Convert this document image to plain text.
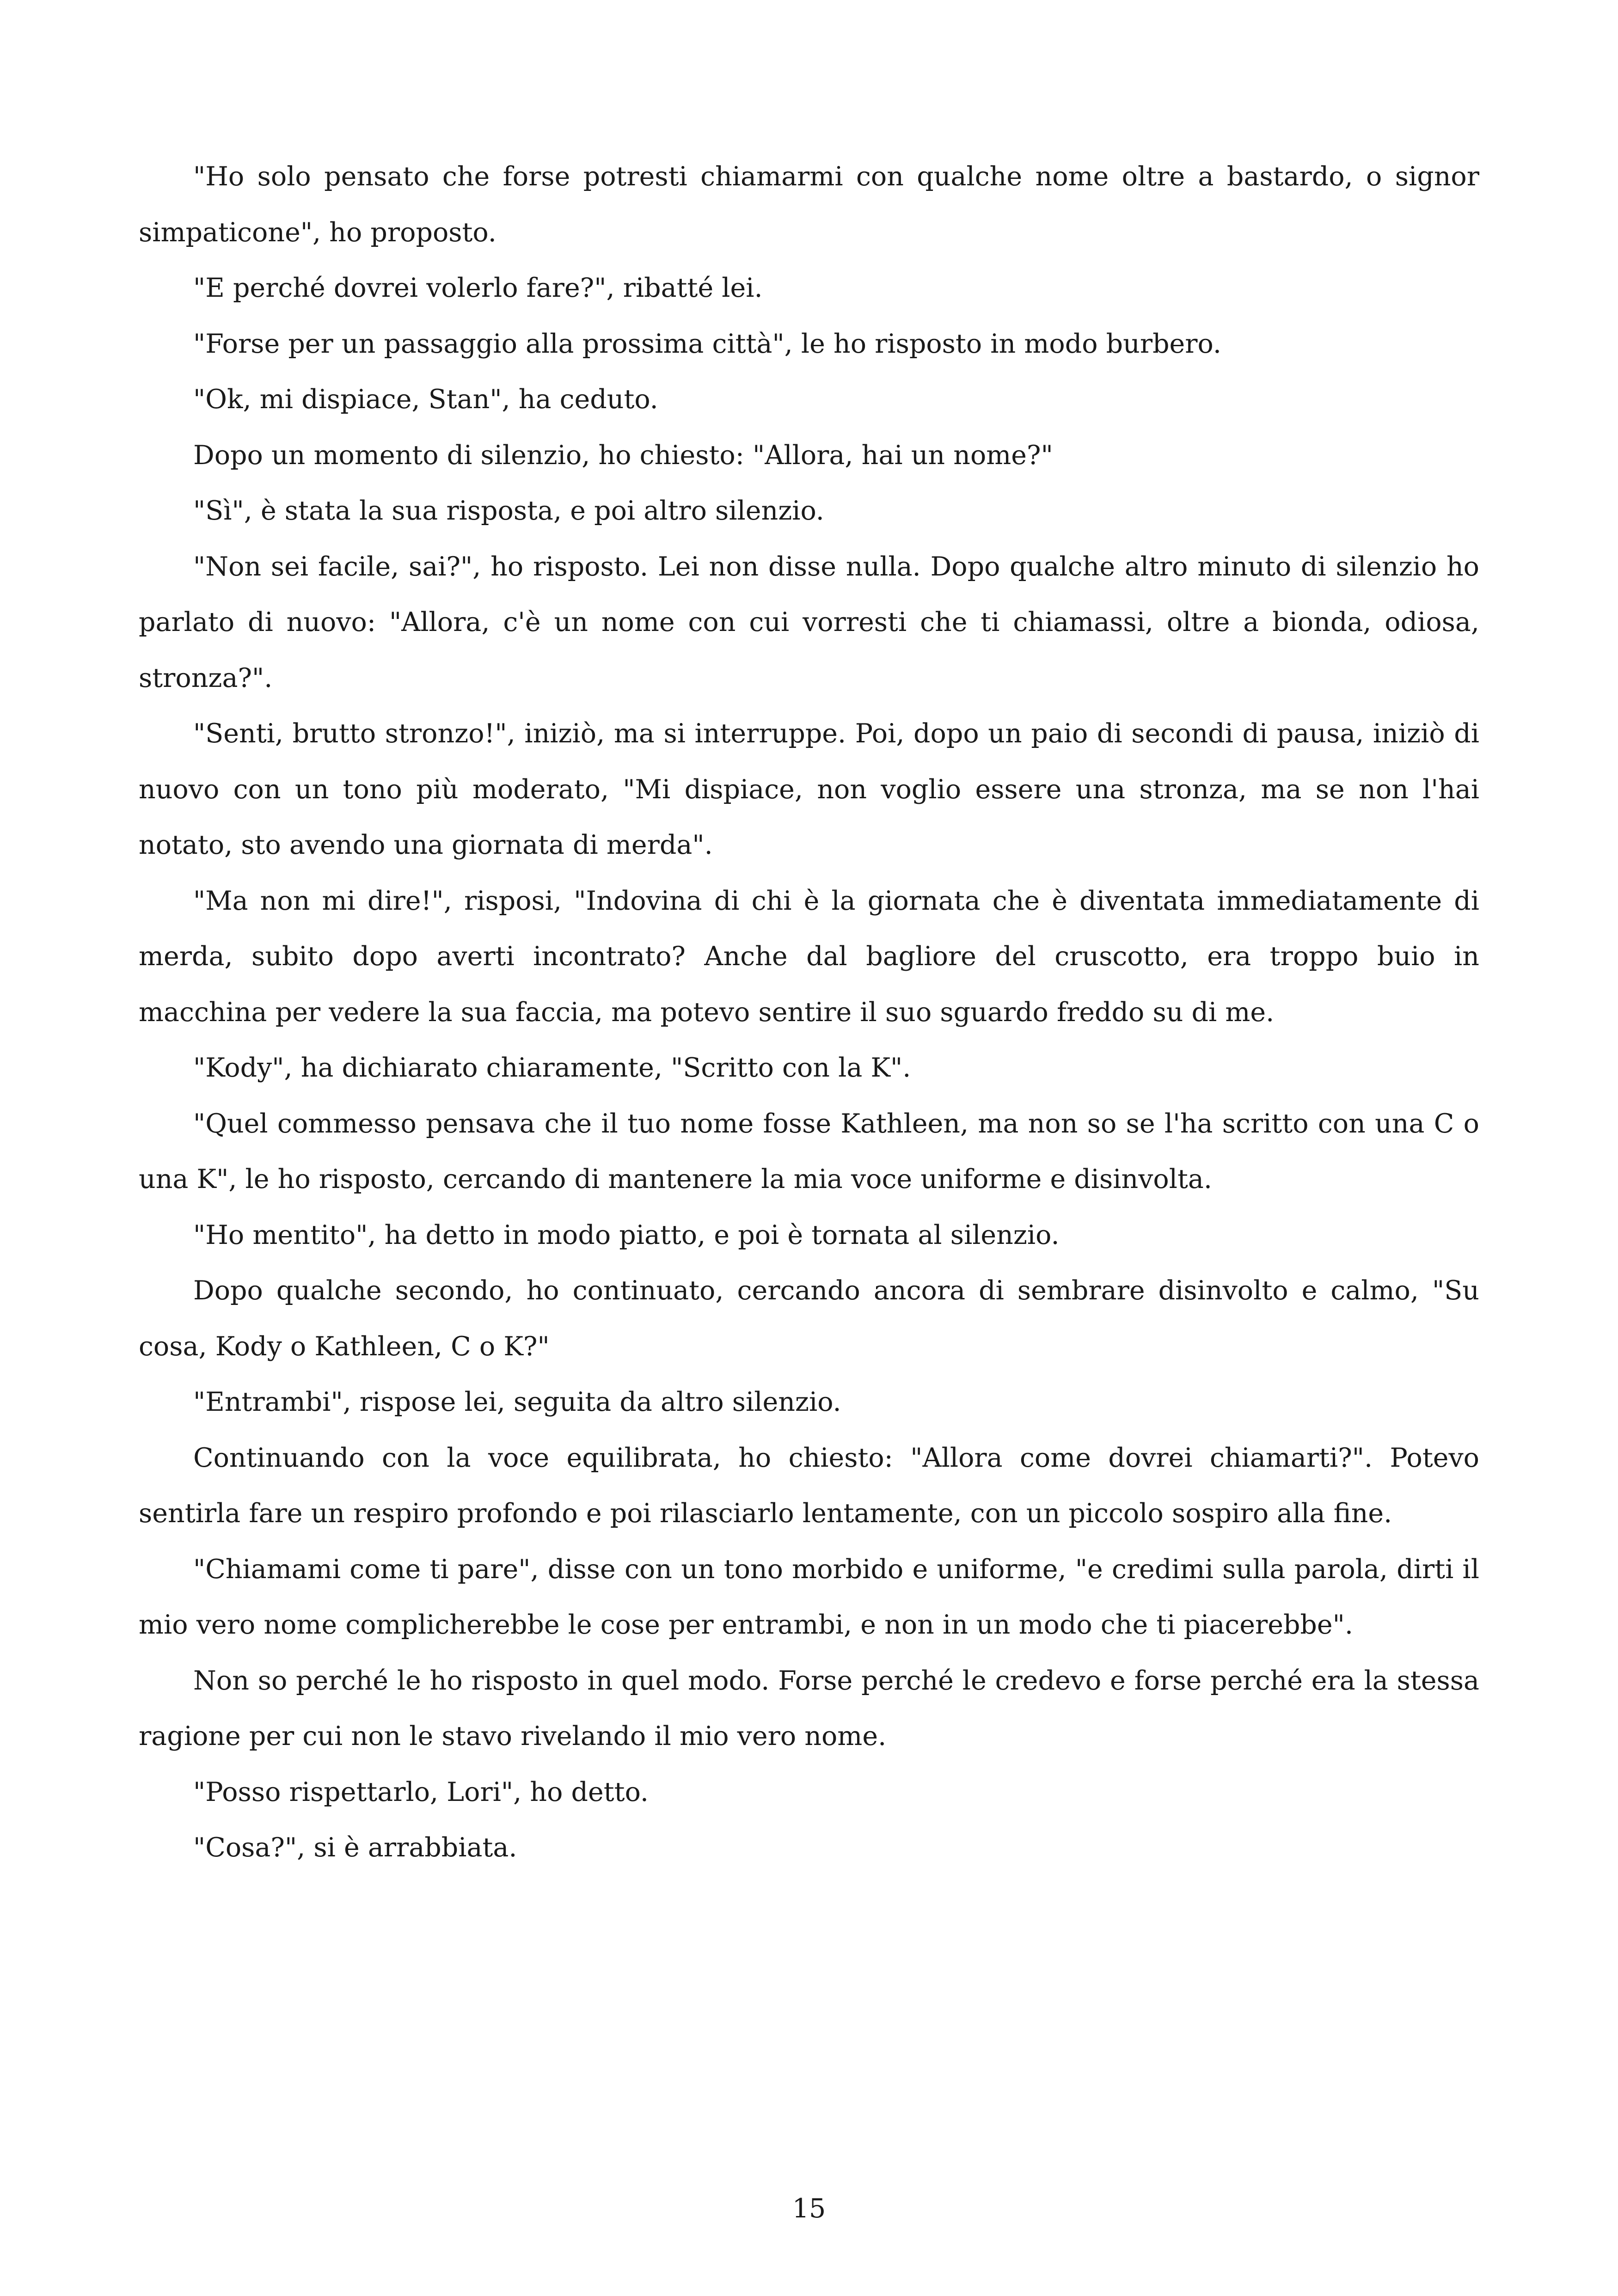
"Ho solo pensato che forse potresti chiamarmi con qualche nome oltre a bastardo, o signor simpaticone", ho proposto.

"E perché dovrei volerlo fare?", ribatté lei.

"Forse per un passaggio alla prossima città", le ho risposto in modo burbero.

"Ok, mi dispiace, Stan", ha ceduto.

Dopo un momento di silenzio, ho chiesto: "Allora, hai un nome?"

"Sì", è stata la sua risposta, e poi altro silenzio.

"Non sei facile, sai?", ho risposto. Lei non disse nulla. Dopo qualche altro minuto di silenzio ho parlato di nuovo: "Allora, c'è un nome con cui vorresti che ti chiamassi, oltre a bionda, odiosa, stronza?".

"Senti, brutto stronzo!", iniziò, ma si interruppe. Poi, dopo un paio di secondi di pausa, iniziò di nuovo con un tono più moderato, "Mi dispiace, non voglio essere una stronza, ma se non l'hai notato, sto avendo una giornata di merda".

"Ma non mi dire!", risposi, "Indovina di chi è la giornata che è diventata immediatamente di merda, subito dopo averti incontrato? Anche dal bagliore del cruscotto, era troppo buio in macchina per vedere la sua faccia, ma potevo sentire il suo sguardo freddo su di me.

"Kody", ha dichiarato chiaramente, "Scritto con la K".

"Quel commesso pensava che il tuo nome fosse Kathleen, ma non so se l'ha scritto con una C o una K", le ho risposto, cercando di mantenere la mia voce uniforme e disinvolta.

"Ho mentito", ha detto in modo piatto, e poi è tornata al silenzio.

Dopo qualche secondo, ho continuato, cercando ancora di sembrare disinvolto e calmo, "Su cosa, Kody o Kathleen, C o K?"

"Entrambi", rispose lei, seguita da altro silenzio.

Continuando con la voce equilibrata, ho chiesto: "Allora come dovrei chiamarti?". Potevo sentirla fare un respiro profondo e poi rilasciarlo lentamente, con un piccolo sospiro alla fine.

"Chiamami come ti pare", disse con un tono morbido e uniforme, "e credimi sulla parola, dirti il mio vero nome complicherebbe le cose per entrambi, e non in un modo che ti piacerebbe".

Non so perché le ho risposto in quel modo. Forse perché le credevo e forse perché era la stessa ragione per cui non le stavo rivelando il mio vero nome.

"Posso rispettarlo, Lori", ho detto.

"Cosa?", si è arrabbiata.

15
